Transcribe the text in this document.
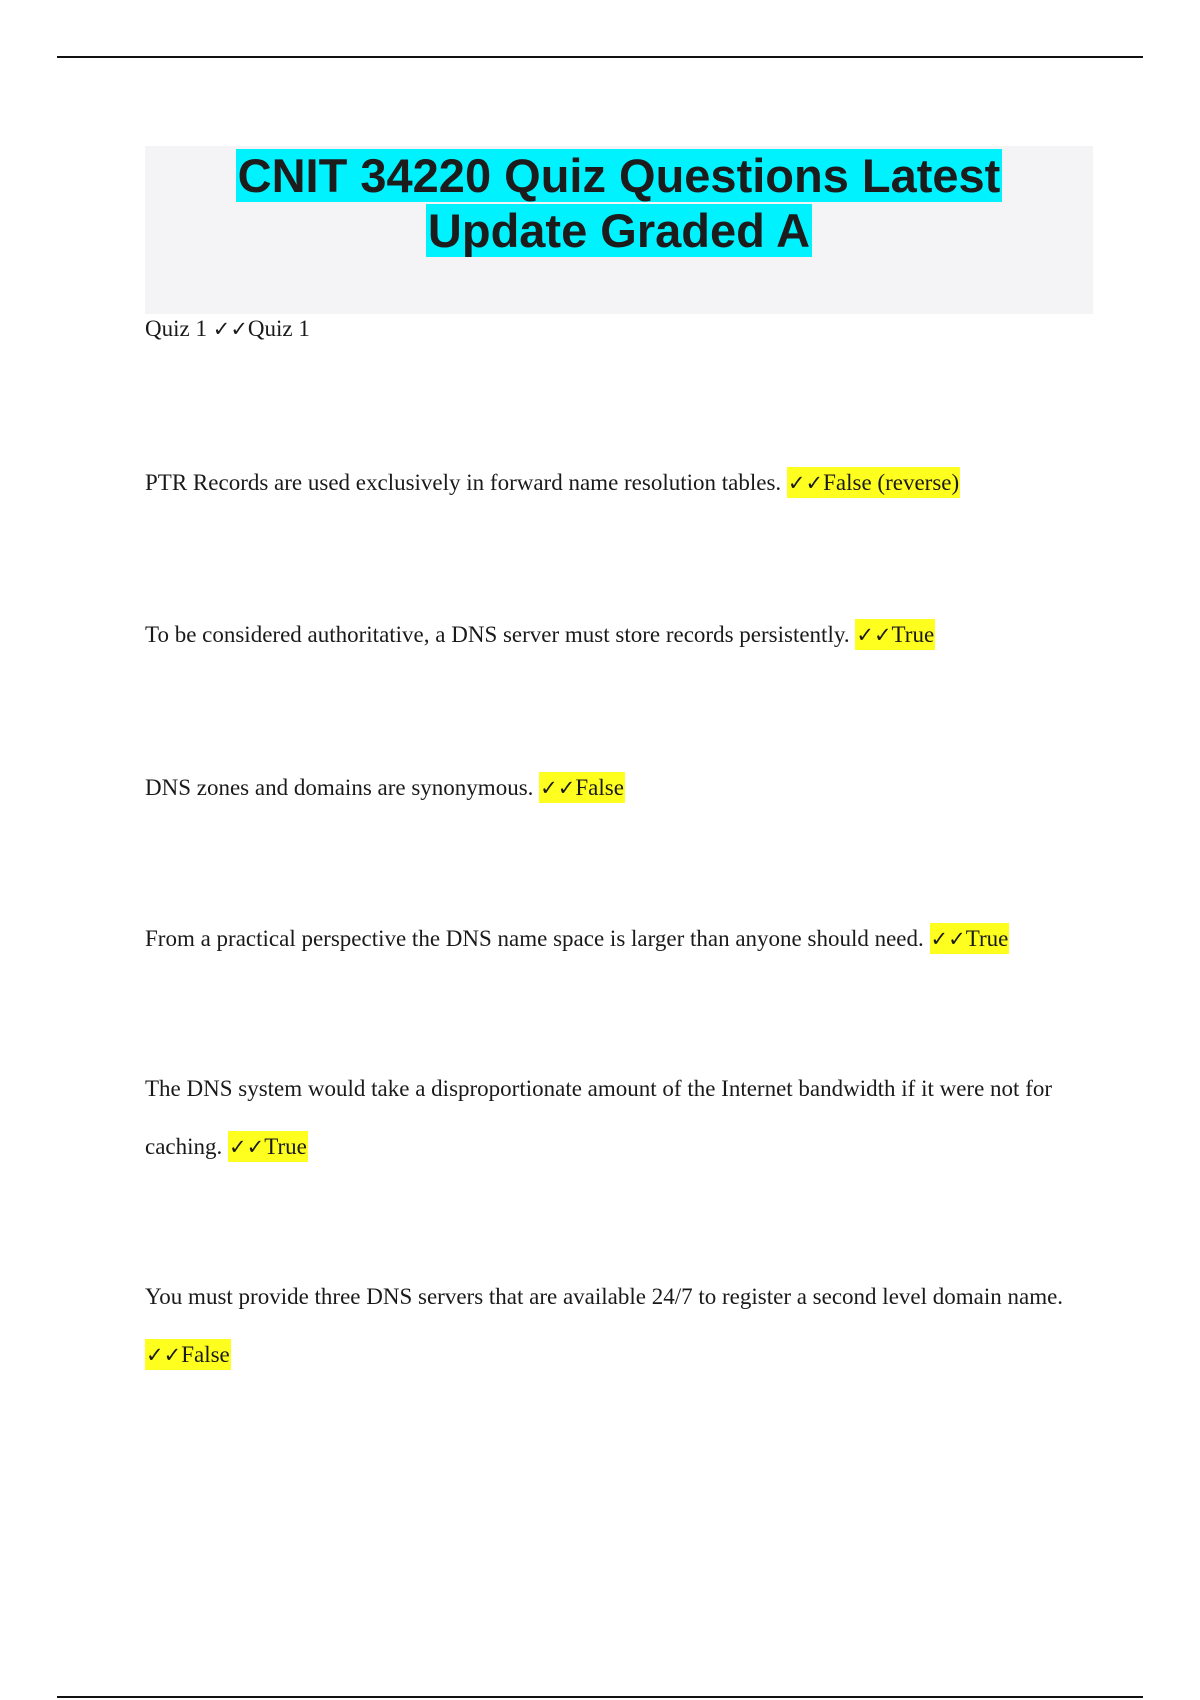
CNIT 34220 Quiz Questions Latest
Update Graded A

Quiz 1 ✓✓Quiz 1

PTR Records are used exclusively in forward name resolution tables. ✓✓False (reverse)

To be considered authoritative, a DNS server must store records persistently. ✓✓True

DNS zones and domains are synonymous. ✓✓False

From a practical perspective the DNS name space is larger than anyone should need. ✓✓True

The DNS system would take a disproportionate amount of the Internet bandwidth if it were not for caching. ✓✓True

You must provide three DNS servers that are available 24/7 to register a second level domain name. ✓✓False
